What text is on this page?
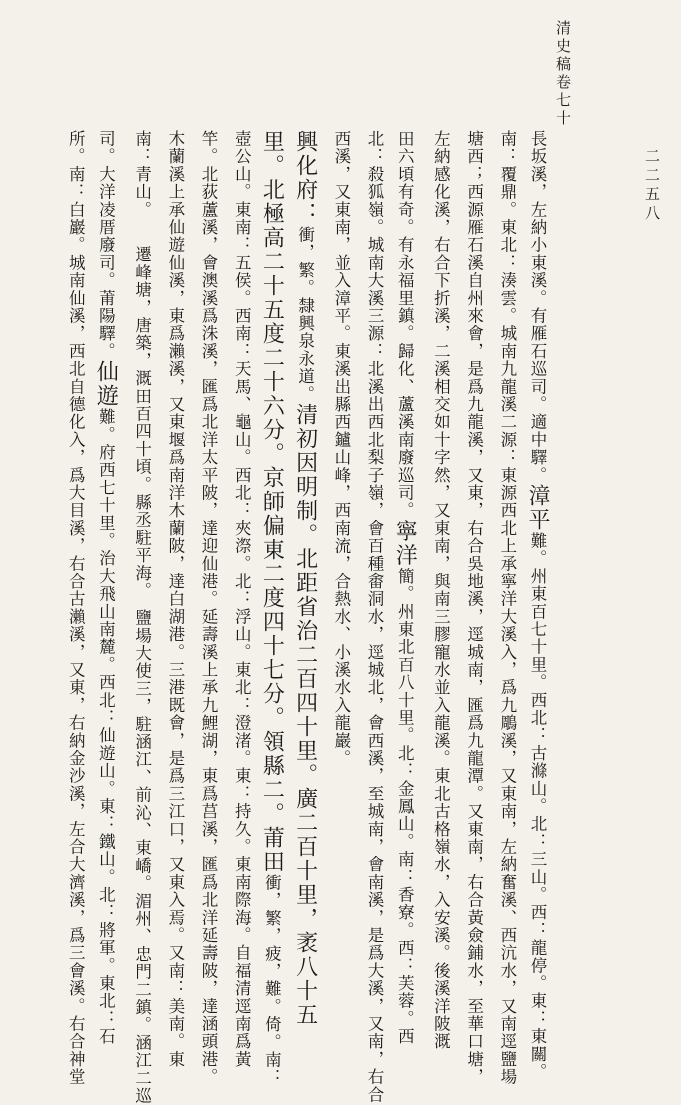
清史稿卷七十
二二五八
長坂溪，左納小東溪。有雁石巡司。適中驛。漳平難。州東百七十里。西北：古滌山。北：三山。西：龍停。東：東關。
南：覆鼎。東北：湊雲。城南九龍溪二源：東源西北上承寧洋大溪入，爲九鵰溪，又東南，左納奮溪、西沆水，又南逕鹽場
塘西；西源雁石溪自州來會，是爲九龍溪，又東，右合吳地溪，逕城南，匯爲九龍潭。又東南，右合黃僉鋪水，至華口塘，
左納感化溪，右合下折溪，二溪相交如十字然，又東南，與南三膠寵水並入龍溪。東北古格嶺水，入安溪。後溪洋陂溉
田六頃有奇。有永福里鎮。歸化、蘆溪南廢巡司。寧洋簡。州東北百八十里。北：金鳳山。南：香寮。西：芙蓉。西
北：殺狐嶺。城南大溪三源：北溪出西北梨子嶺，會百種畬洞水，逕城北，會西溪，至城南，會南溪，是爲大溪，又南，右合
西溪，又東南，並入漳平。東溪出縣西鑪山峰，西南流，合熱水、小溪水入龍巖。
興化府：衝，繁。隸興泉永道。清初因明制。北距省治二百四十里。廣二百十里，袤八十五
里。北極高二十五度二十六分。京師偏東二度四十七分。領縣二。莆田衝，繁，疲，難。倚。南：
壺公山。東南：五侯。西南：天馬、龜山。西北：夾漈。北：浮山。東北：澄渚。東：持久。東南際海。自福清逕南爲黃
竿。北荻蘆溪，會澳溪爲洙溪，匯爲北洋太平陂，達迎仙港。延壽溪上承九鯉湖，東爲莒溪，匯爲北洋延壽陂，達涵頭港。
木蘭溪上承仙遊仙溪，東爲瀨溪，又東堰爲南洋木蘭陂，達白湖港。三港既會，是爲三江口，又東入焉。又南：美南。東
南：青山。　　遷峰塘，唐築，溉田百四十頃。縣丞駐平海。　鹽場大使三，駐涵江、前沁、東嶠。湄州、忠門二鎮。涵江二巡
司。大洋凌厝廢司。莆陽驛。仙遊難。府西七十里。治大飛山南麓。西北：仙遊山。東：鐵山。北：將軍。東北：石
所。南：白巖。城南仙溪，西北自德化入，爲大目溪，右合古瀨溪，又東，右納金沙溪，左合大濟溪，爲三會溪。右合神堂
